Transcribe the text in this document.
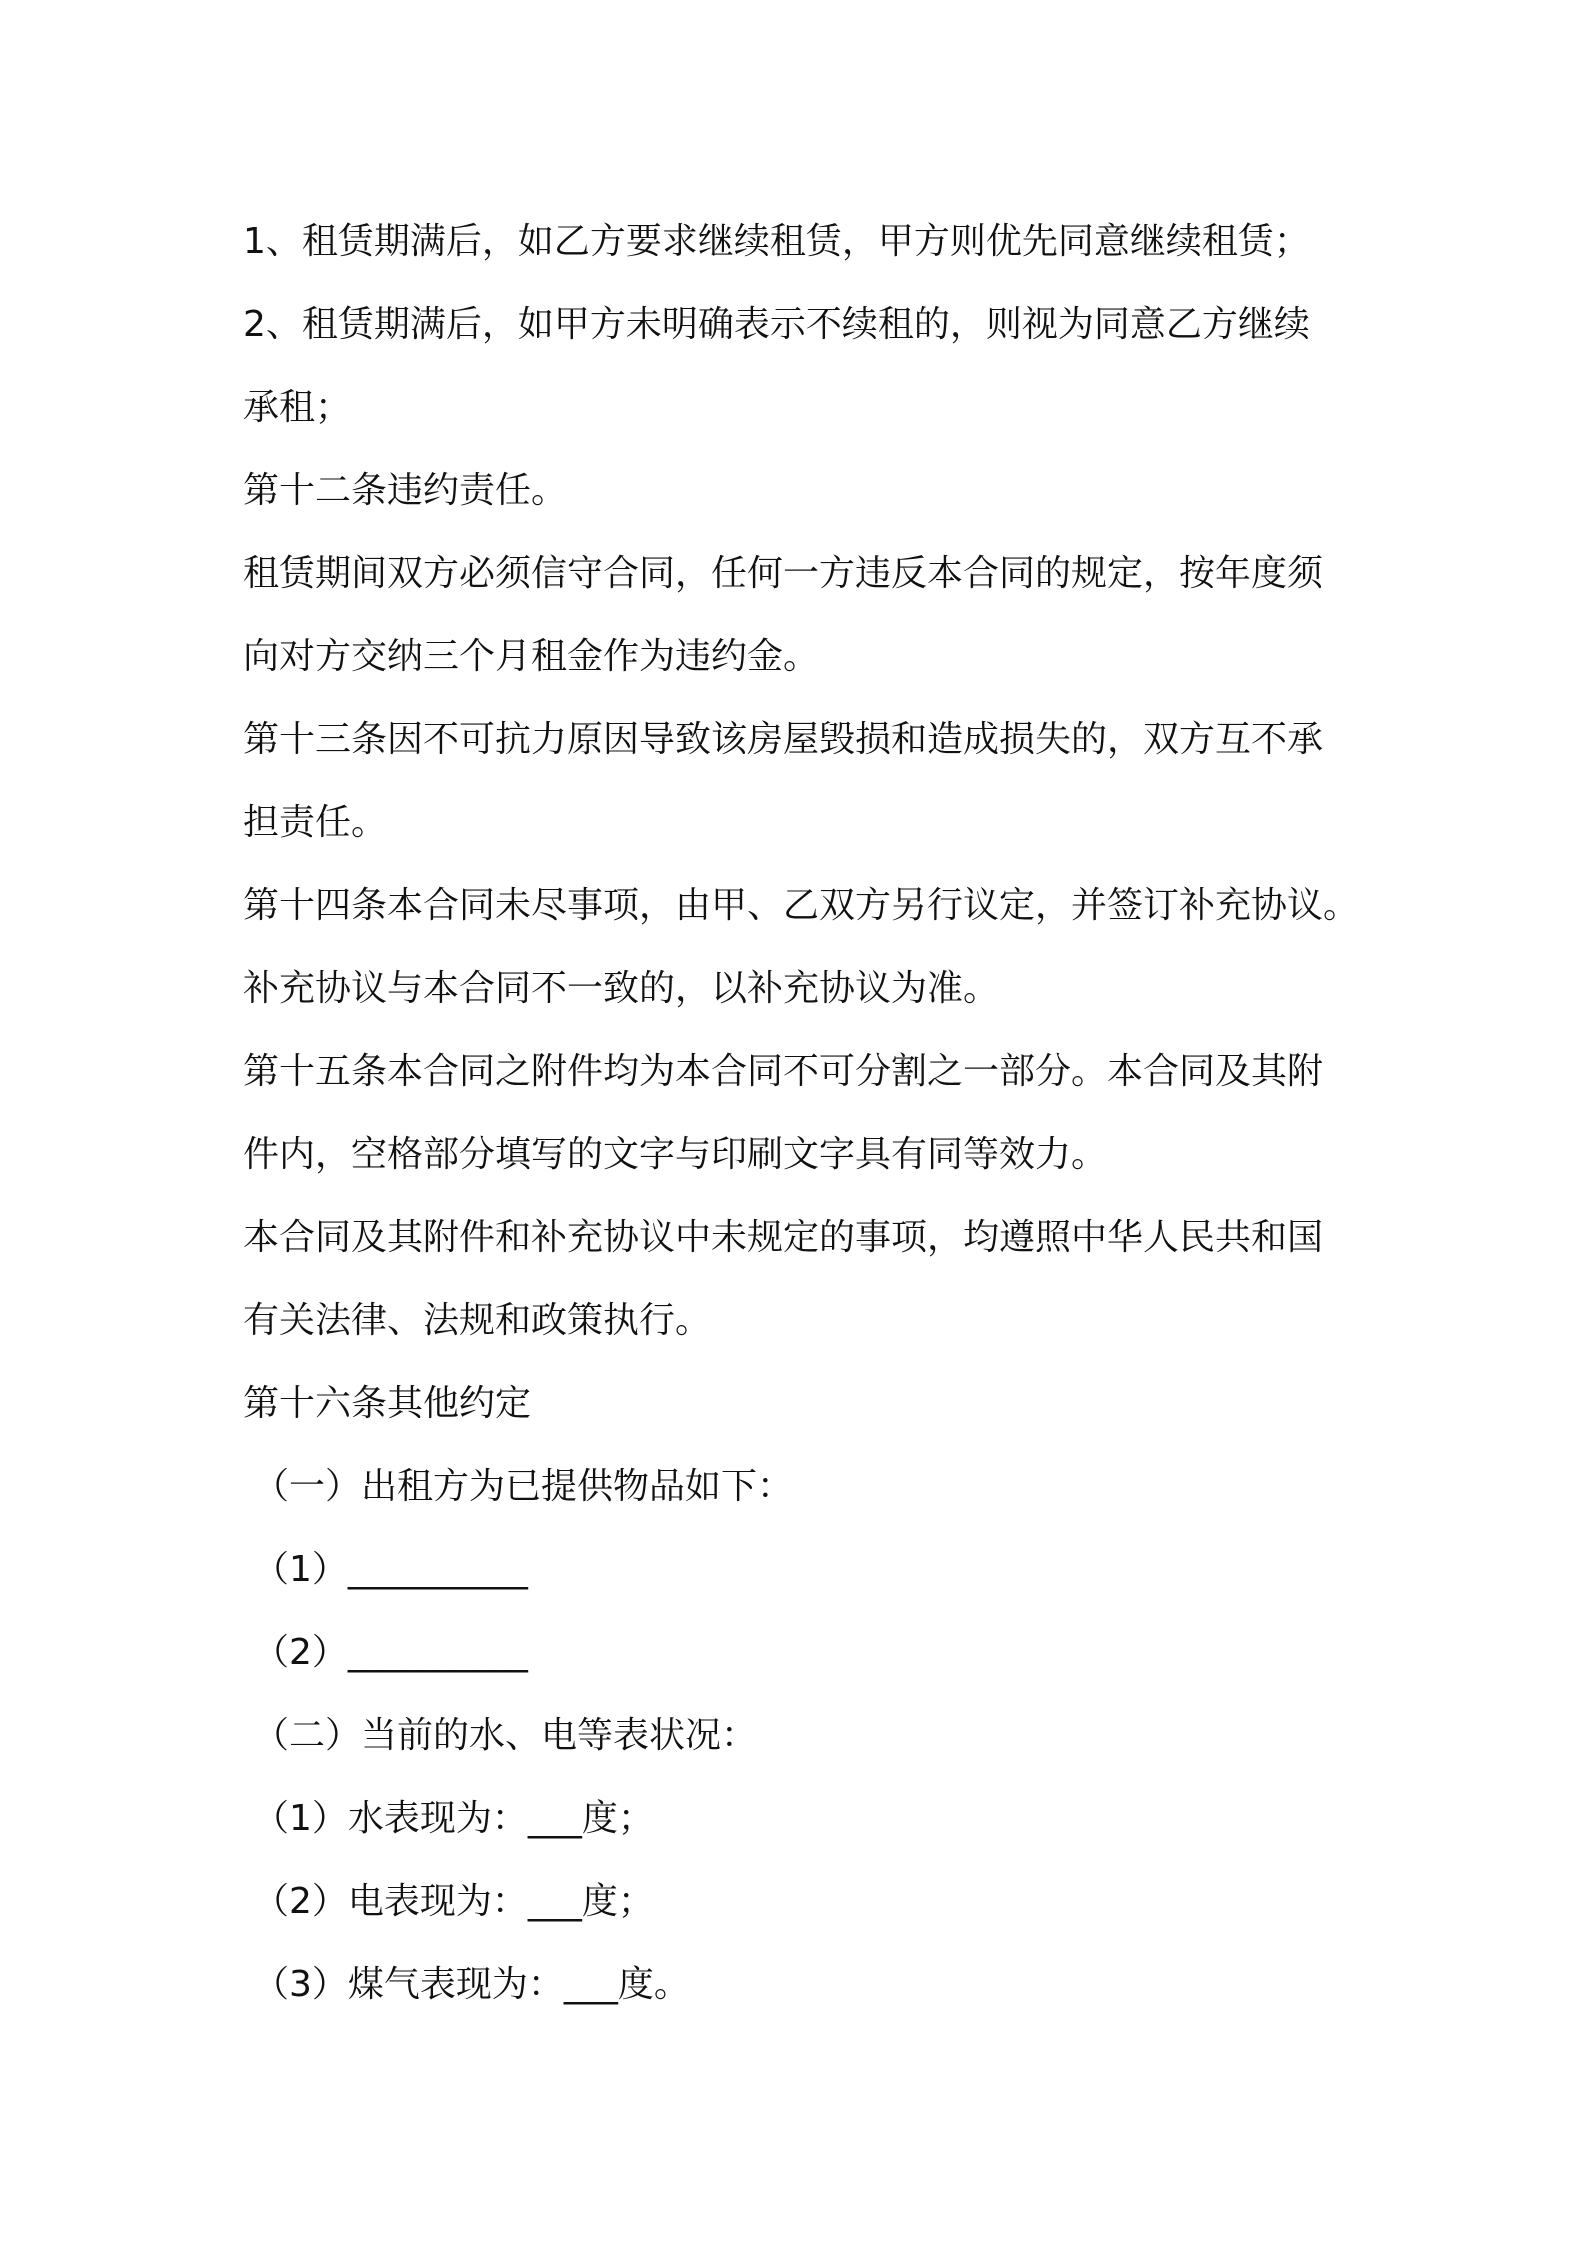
1、租赁期满后，如乙方要求继续租赁，甲方则优先同意继续租赁；
2、租赁期满后，如甲方未明确表示不续租的，则视为同意乙方继续
承租；
第十二条违约责任。
租赁期间双方必须信守合同，任何一方违反本合同的规定，按年度须
向对方交纳三个月租金作为违约金。
第十三条因不可抗力原因导致该房屋毁损和造成损失的，双方互不承
担责任。
第十四条本合同未尽事项，由甲、乙双方另行议定，并签订补充协议。
补充协议与本合同不一致的，以补充协议为准。
第十五条本合同之附件均为本合同不可分割之一部分。本合同及其附
件内，空格部分填写的文字与印刷文字具有同等效力。
本合同及其附件和补充协议中未规定的事项，均遵照中华人民共和国
有关法律、法规和政策执行。
第十六条其他约定
（一）出租方为已提供物品如下：
（1）__________
（2）__________
（二）当前的水、电等表状况：
（1）水表现为：___度；
（2）电表现为：___度；
（3）煤气表现为：___度。
